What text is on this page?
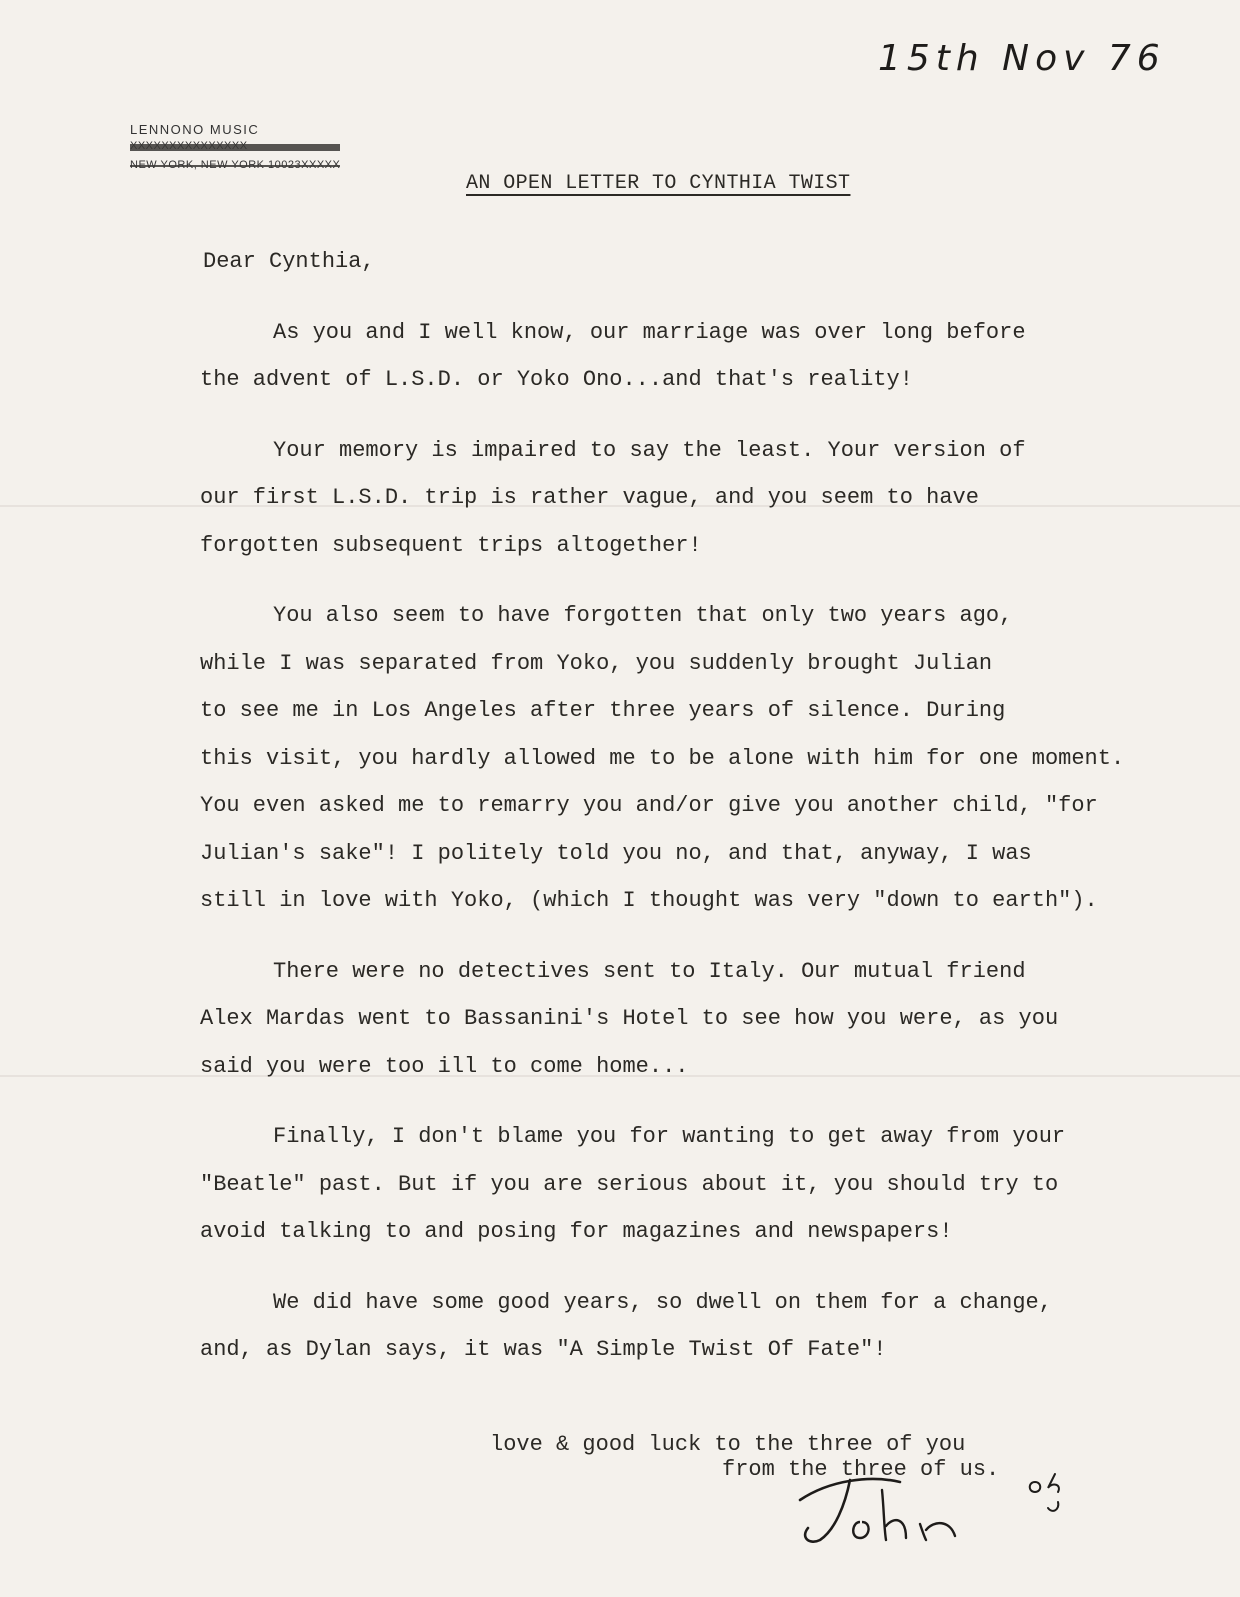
15th Nov 76
LENNONO MUSIC
AN OPEN LETTER TO CYNTHIA TWIST
Dear Cynthia,
As you and I well know, our marriage was over long before
the advent of L.S.D. or Yoko Ono...and that's reality!
Your memory is impaired to say the least. Your version of
our first L.S.D. trip is rather vague, and you seem to have
forgotten subsequent trips altogether!
You also seem to have forgotten that only two years ago,
while I was separated from Yoko, you suddenly brought Julian
to see me in Los Angeles after three years of silence. During
this visit, you hardly allowed me to be alone with him for one moment.
You even asked me to remarry you and/or give you another child, "for
Julian's sake"! I politely told you no, and that, anyway, I was
still in love with Yoko, (which I thought was very "down to earth").
There were no detectives sent to Italy. Our mutual friend
Alex Mardas went to Bassanini's Hotel to see how you were, as you
said you were too ill to come home...
Finally, I don't blame you for wanting to get away from your
"Beatle" past. But if you are serious about it, you should try to
avoid talking to and posing for magazines and newspapers!
We did have some good years, so dwell on them for a change,
and, as Dylan says, it was "A Simple Twist Of Fate"!
love & good luck to the three of you
from the three of us.
